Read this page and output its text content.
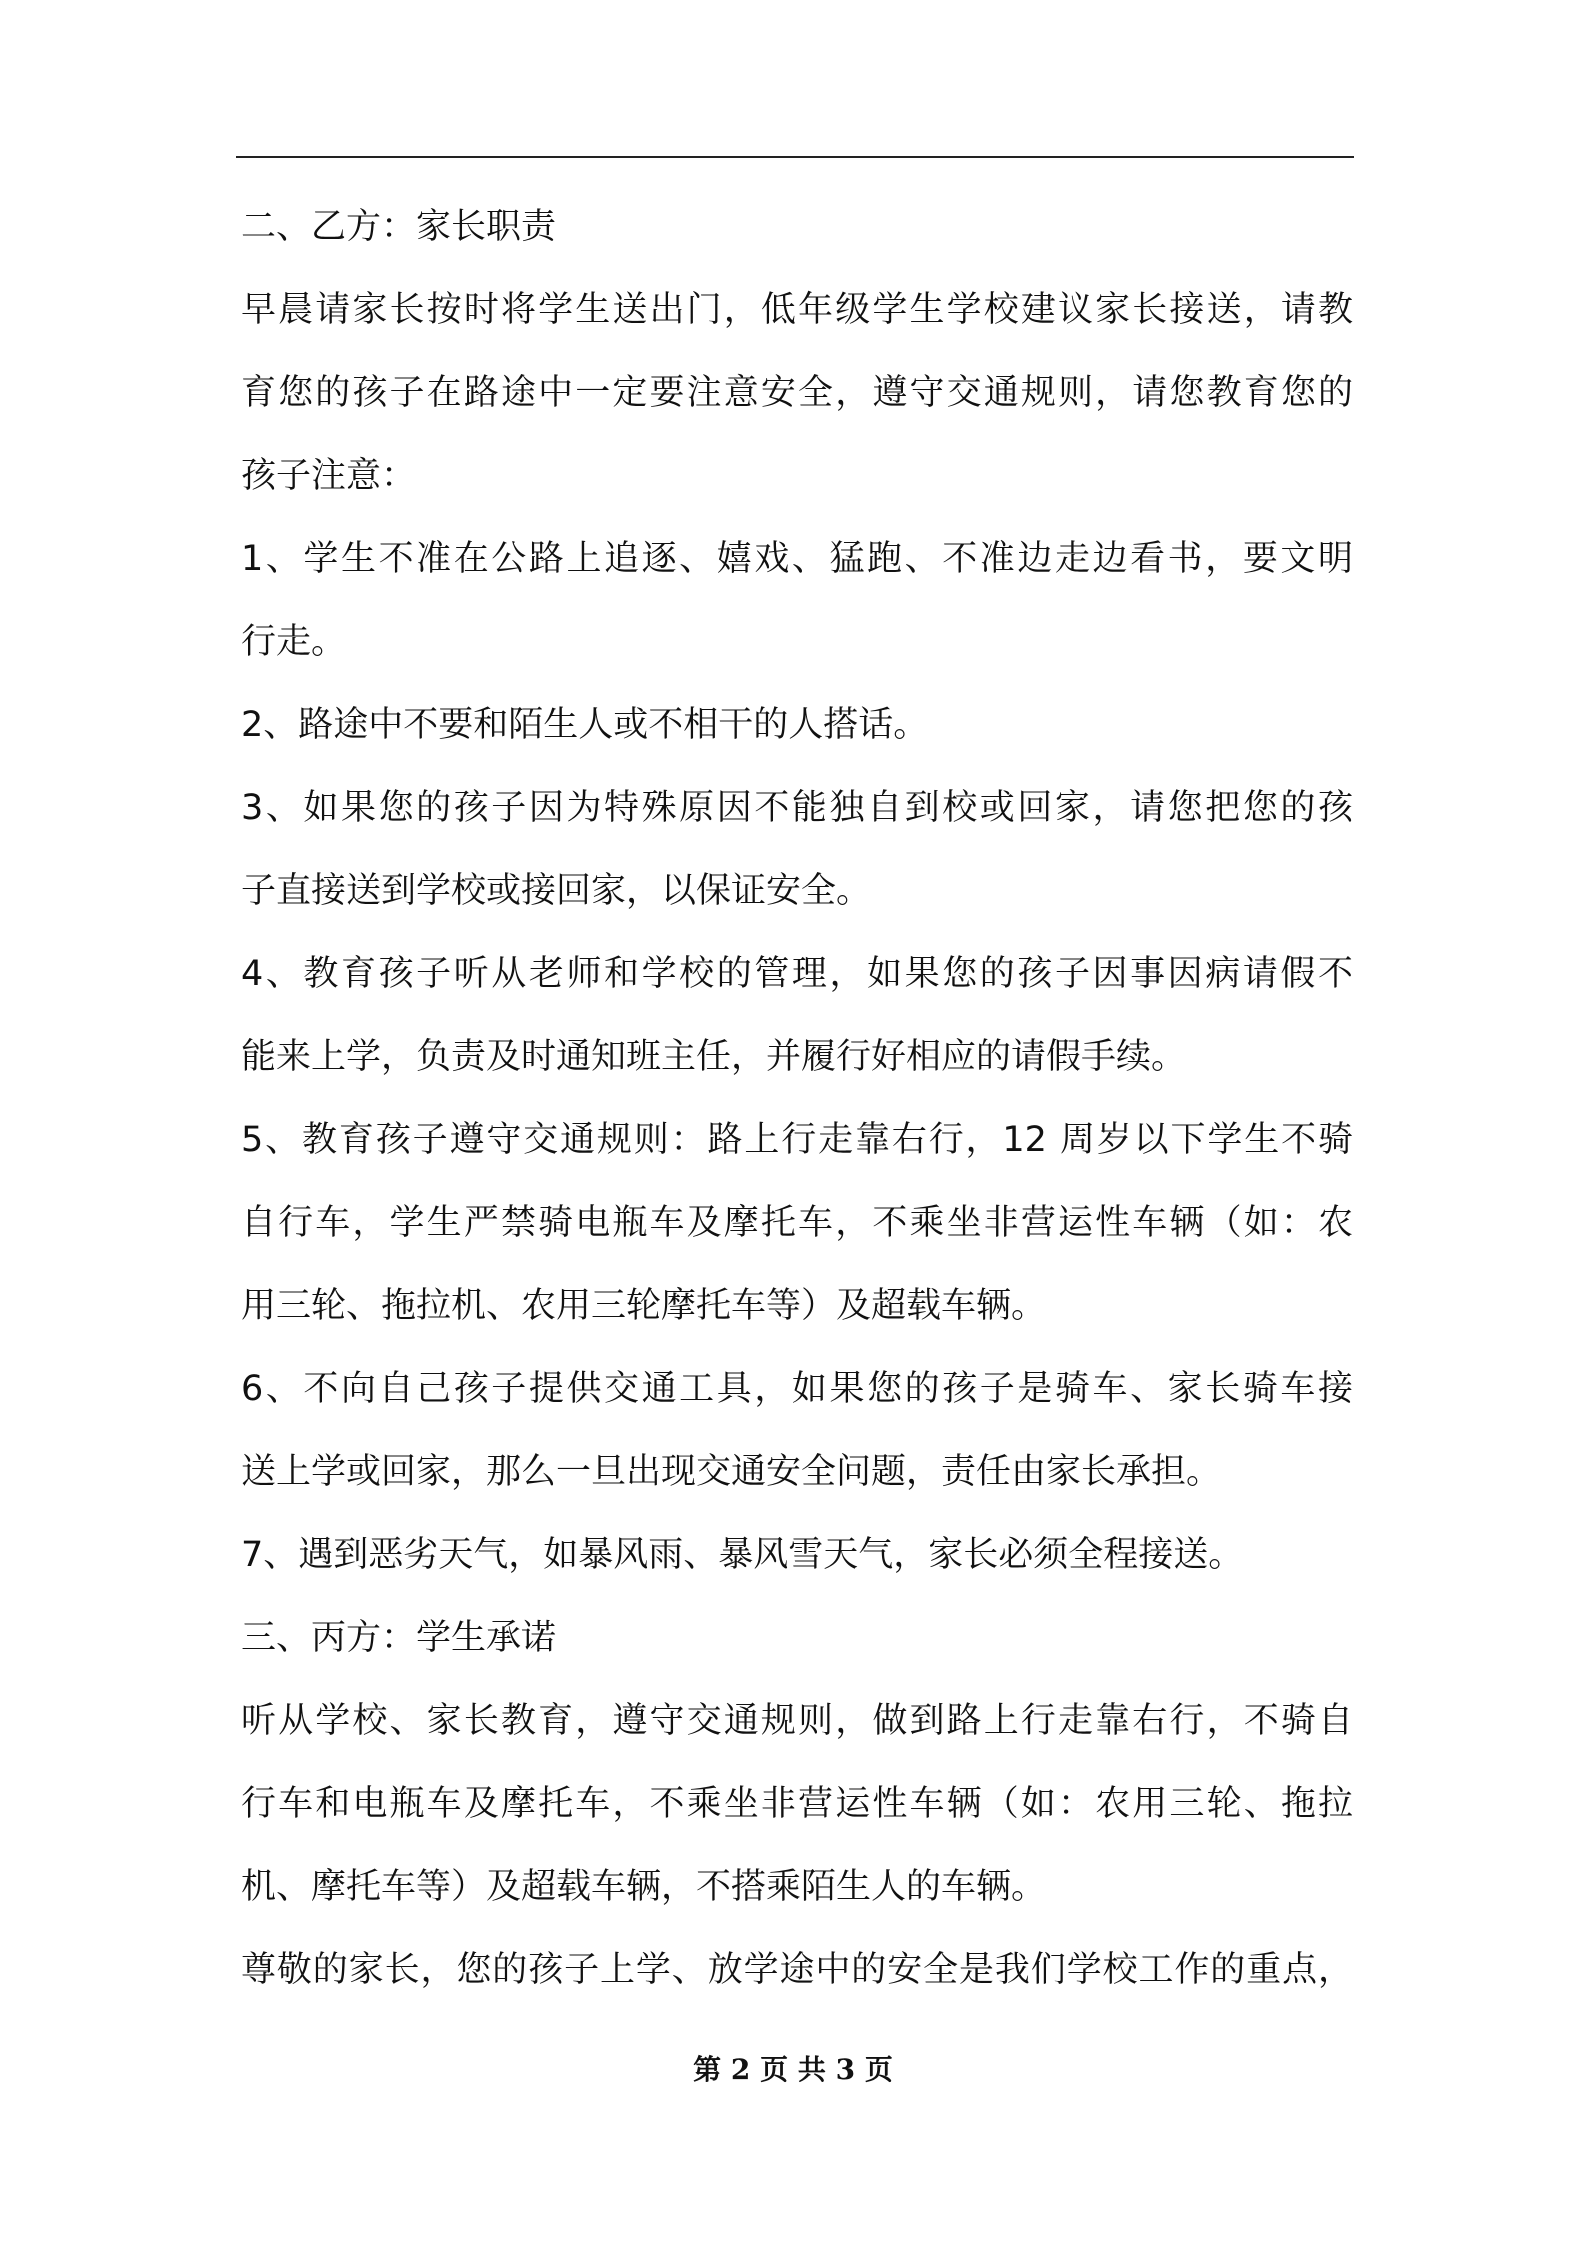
二、乙方：家长职责
早晨请家长按时将学生送出门，低年级学生学校建议家长接送，请教
育您的孩子在路途中一定要注意安全，遵守交通规则，请您教育您的
孩子注意：
1、学生不准在公路上追逐、嬉戏、猛跑、不准边走边看书，要文明
行走。
2、路途中不要和陌生人或不相干的人搭话。
3、如果您的孩子因为特殊原因不能独自到校或回家，请您把您的孩
子直接送到学校或接回家，以保证安全。
4、教育孩子听从老师和学校的管理，如果您的孩子因事因病请假不
能来上学，负责及时通知班主任，并履行好相应的请假手续。
5、教育孩子遵守交通规则：路上行走靠右行，12 周岁以下学生不骑
自行车，学生严禁骑电瓶车及摩托车，不乘坐非营运性车辆（如：农
用三轮、拖拉机、农用三轮摩托车等）及超载车辆。
6、不向自己孩子提供交通工具，如果您的孩子是骑车、家长骑车接
送上学或回家，那么一旦出现交通安全问题，责任由家长承担。
7、遇到恶劣天气，如暴风雨、暴风雪天气，家长必须全程接送。
三、丙方：学生承诺
听从学校、家长教育，遵守交通规则，做到路上行走靠右行，不骑自
行车和电瓶车及摩托车，不乘坐非营运性车辆（如：农用三轮、拖拉
机、摩托车等）及超载车辆，不搭乘陌生人的车辆。
尊敬的家长，您的孩子上学、放学途中的安全是我们学校工作的重点，
第 2 页 共 3 页
